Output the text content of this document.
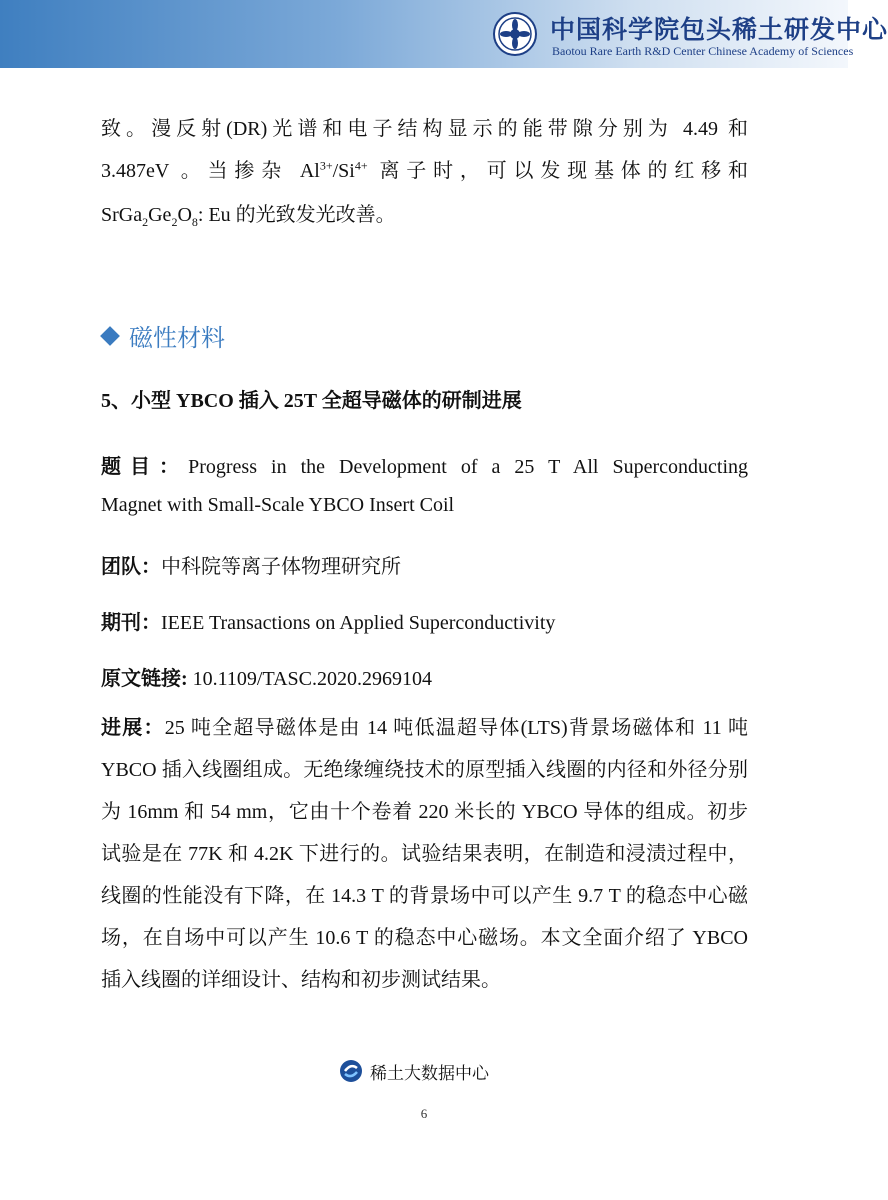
中国科学院包头稀土研发中心
Baotou Rare Earth R&D Center Chinese Academy of Sciences
致。漫反射(DR)光谱和电子结构显示的能带隙分别为 4.49 和
3.487eV 。当掺杂 $Al^{3+}/Si^{4+}$ 离子时，可以发现基体的红移和
$SrGa_2Ge_2O_8$: Eu 的光致发光改善。
磁性材料
5、小型 YBCO 插入 25T 全超导磁体的研制进展
题目：Progress in the Development of a 25 T All Superconducting
Magnet with Small-Scale YBCO Insert Coil
团队：中科院等离子体物理研究所
期刊：IEEE Transactions on Applied Superconductivity
原文链接: 10.1109/TASC.2020.2969104
进展：25 吨全超导磁体是由 14 吨低温超导体(LTS)背景场磁体和 11 吨 YBCO 插入线圈组成。无绝缘缠绕技术的原型插入线圈的内径和外径分别为 16mm 和 54 mm，它由十个卷着 220 米长的 YBCO 导体的组成。初步试验是在 77K 和 4.2K 下进行的。试验结果表明，在制造和浸渍过程中，线圈的性能没有下降，在 14.3 T 的背景场中可以产生 9.7 T 的稳态中心磁场，在自场中可以产生 10.6 T 的稳态中心磁场。本文全面介绍了 YBCO 插入线圈的详细设计、结构和初步测试结果。
稀土大数据中心
6
